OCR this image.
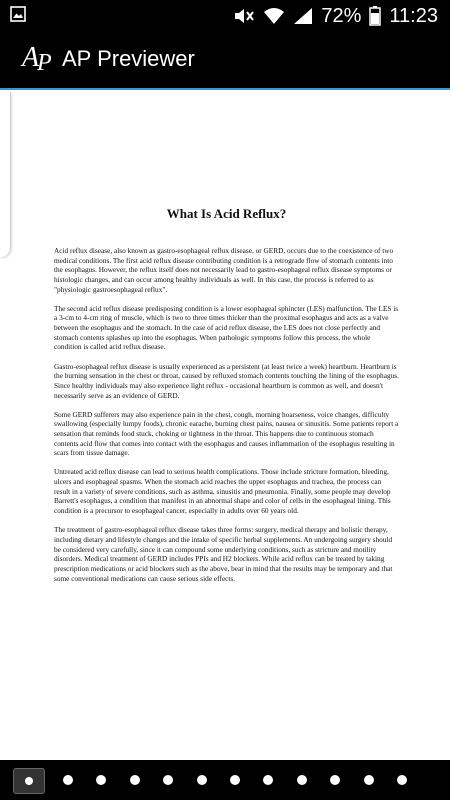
72% 11:23
A
P AP Previewer
What Is Acid Reflux?

Acid reflux disease, also known as gastro-esophageal reflux disease, or GERD, occurs due to the coexistence of two medical conditions. The first acid reflux disease contributing condition is a retrograde flow of stomach contents into the esophagus. However, the reflux itself does not necessarily lead to gastro-esophageal reflux disease symptoms or histologic changes, and can occur among healthy individuals as well. In this case, the process is referred to as "physiologic gastroesophageal reflux".

The second acid reflux disease predisposing condition is a lower esophageal sphincter (LES) malfunction. The LES is a 3-cm to 4-cm ring of muscle, which is two to three times thicker than the proximal esophagus and acts as a valve between the esophagus and the stomach. In the case of acid reflux disease, the LES does not close perfectly and stomach contents splashes up into the esophagus. When pathologic symptoms follow this process, the whole condition is called acid reflux disease.

Gastro-esophageal reflux disease is usually experienced as a persistent (at least twice a week) heartburn. Heartburn is the burning sensation in the chest or throat, caused by refluxed stomach contents touching the lining of the esophagus. Since healthy individuals may also experience light reflux - occasional heartburn is common as well, and doesn't necessarily serve as an evidence of GERD.

Some GERD sufferers may also experience pain in the chest, cough, morning hoarseness, voice changes, difficulty swallowing (especially lumpy foods), chronic earache, burning chest pains, nausea or sinusitis. Some patients report a sensation that reminds food stuck, choking or tightness in the throat. This happens due to continuous stomach contents acid flow that comes into contact with the esophagus and causes inflammation of the esophagus resulting in scars from tissue damage.

Untreated acid reflux disease can lead to serious health complications. Those include stricture formation, bleeding, ulcers and esophageal spasms. When the stomach acid reaches the upper esophagus and trachea, the process can result in a variety of severe conditions, such as asthma, sinusitis and pneumonia. Finally, some people may develop Barrett's esophagus, a condition that manifest in an abnormal shape and color of cells in the esophageal lining. This condition is a precursor to esophageal cancer, especially in adults over 60 years old.

The treatment of gastro-esophageal reflux disease takes three forms: surgery, medical therapy and holistic therapy, including dietary and lifestyle changes and the intake of specific herbal supplements. An undergoing surgery should be considered very carefully, since it can compound some underlying conditions, such as stricture and motility disorders. Medical treatment of GERD includes PPIs and H2 blockers. While acid reflux can be treated by taking prescription medications or acid blockers such as the above, bear in mind that the results may be temporary and that some conventional medications can cause serious side effects.
